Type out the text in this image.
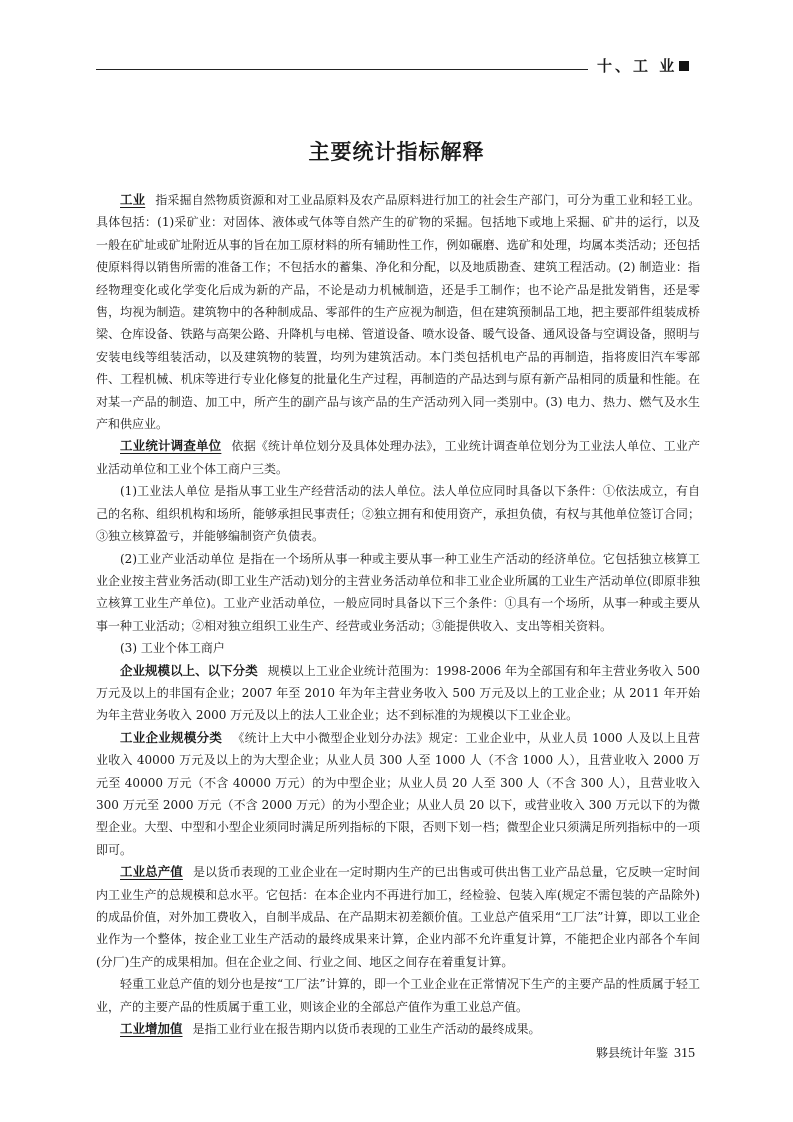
十、工 业
主要统计指标解释

工业 指采掘自然物质资源和对工业品原料及农产品原料进行加工的社会生产部门，可分为重工业和轻工业。具体包括：(1)采矿业：对固体、液体或气体等自然产生的矿物的采掘。包括地下或地上采掘、矿井的运行，以及一般在矿址或矿址附近从事的旨在加工原材料的所有辅助性工作，例如碾磨、选矿和处理，均属本类活动；还包括使原料得以销售所需的准备工作；不包括水的蓄集、净化和分配，以及地质勘查、建筑工程活动。(2) 制造业：指经物理变化或化学变化后成为新的产品，不论是动力机械制造，还是手工制作；也不论产品是批发销售，还是零售，均视为制造。建筑物中的各种制成品、零部件的生产应视为制造，但在建筑预制品工地，把主要部件组装成桥梁、仓库设备、铁路与高架公路、升降机与电梯、管道设备、喷水设备、暖气设备、通风设备与空调设备，照明与安装电线等组装活动，以及建筑物的装置，均列为建筑活动。本门类包括机电产品的再制造，指将废旧汽车零部件、工程机械、机床等进行专业化修复的批量化生产过程，再制造的产品达到与原有新产品相同的质量和性能。在对某一产品的制造、加工中，所产生的副产品与该产品的生产活动列入同一类别中。(3) 电力、热力、燃气及水生产和供应业。

工业统计调查单位 依据《统计单位划分及具体处理办法》，工业统计调查单位划分为工业法人单位、工业产业活动单位和工业个体工商户三类。

(1)工业法人单位 是指从事工业生产经营活动的法人单位。法人单位应同时具备以下条件：①依法成立，有自己的名称、组织机构和场所，能够承担民事责任；②独立拥有和使用资产，承担负债，有权与其他单位签订合同；③独立核算盈亏，并能够编制资产负债表。

(2)工业产业活动单位 是指在一个场所从事一种或主要从事一种工业生产活动的经济单位。它包括独立核算工业企业按主营业务活动(即工业生产活动)划分的主营业务活动单位和非工业企业所属的工业生产活动单位(即原非独立核算工业生产单位)。工业产业活动单位，一般应同时具备以下三个条件：①具有一个场所，从事一种或主要从事一种工业活动；②相对独立组织工业生产、经营或业务活动；③能提供收入、支出等相关资料。

(3) 工业个体工商户

企业规模以上、以下分类 规模以上工业企业统计范围为：1998-2006 年为全部国有和年主营业务收入 500 万元及以上的非国有企业；2007 年至 2010 年为年主营业务收入 500 万元及以上的工业企业；从 2011 年开始为年主营业务收入 2000 万元及以上的法人工业企业；达不到标准的为规模以下工业企业。

工业企业规模分类 《统计上大中小微型企业划分办法》规定：工业企业中，从业人员 1000 人及以上且营业收入 40000 万元及以上的为大型企业；从业人员 300 人至 1000 人（不含 1000 人），且营业收入 2000 万元至 40000 万元（不含 40000 万元）的为中型企业；从业人员 20 人至 300 人（不含 300 人），且营业收入 300 万元至 2000 万元（不含 2000 万元）的为小型企业；从业人员 20 以下，或营业收入 300 万元以下的为微型企业。大型、中型和小型企业须同时满足所列指标的下限，否则下划一档；微型企业只须满足所列指标中的一项即可。

工业总产值 是以货币表现的工业企业在一定时期内生产的已出售或可供出售工业产品总量，它反映一定时间内工业生产的总规模和总水平。它包括：在本企业内不再进行加工，经检验、包装入库(规定不需包装的产品除外)的成品价值，对外加工费收入，自制半成品、在产品期末初差额价值。工业总产值采用“工厂法”计算，即以工业企业作为一个整体，按企业工业生产活动的最终成果来计算，企业内部不允许重复计算，不能把企业内部各个车间(分厂)生产的成果相加。但在企业之间、行业之间、地区之间存在着重复计算。

轻重工业总产值的划分也是按“工厂法”计算的，即一个工业企业在正常情况下生产的主要产品的性质属于轻工业，产的主要产品的性质属于重工业，则该企业的全部总产值作为重工业总产值。

工业增加值 是指工业行业在报告期内以货币表现的工业生产活动的最终成果。

夥县统计年鉴 315
